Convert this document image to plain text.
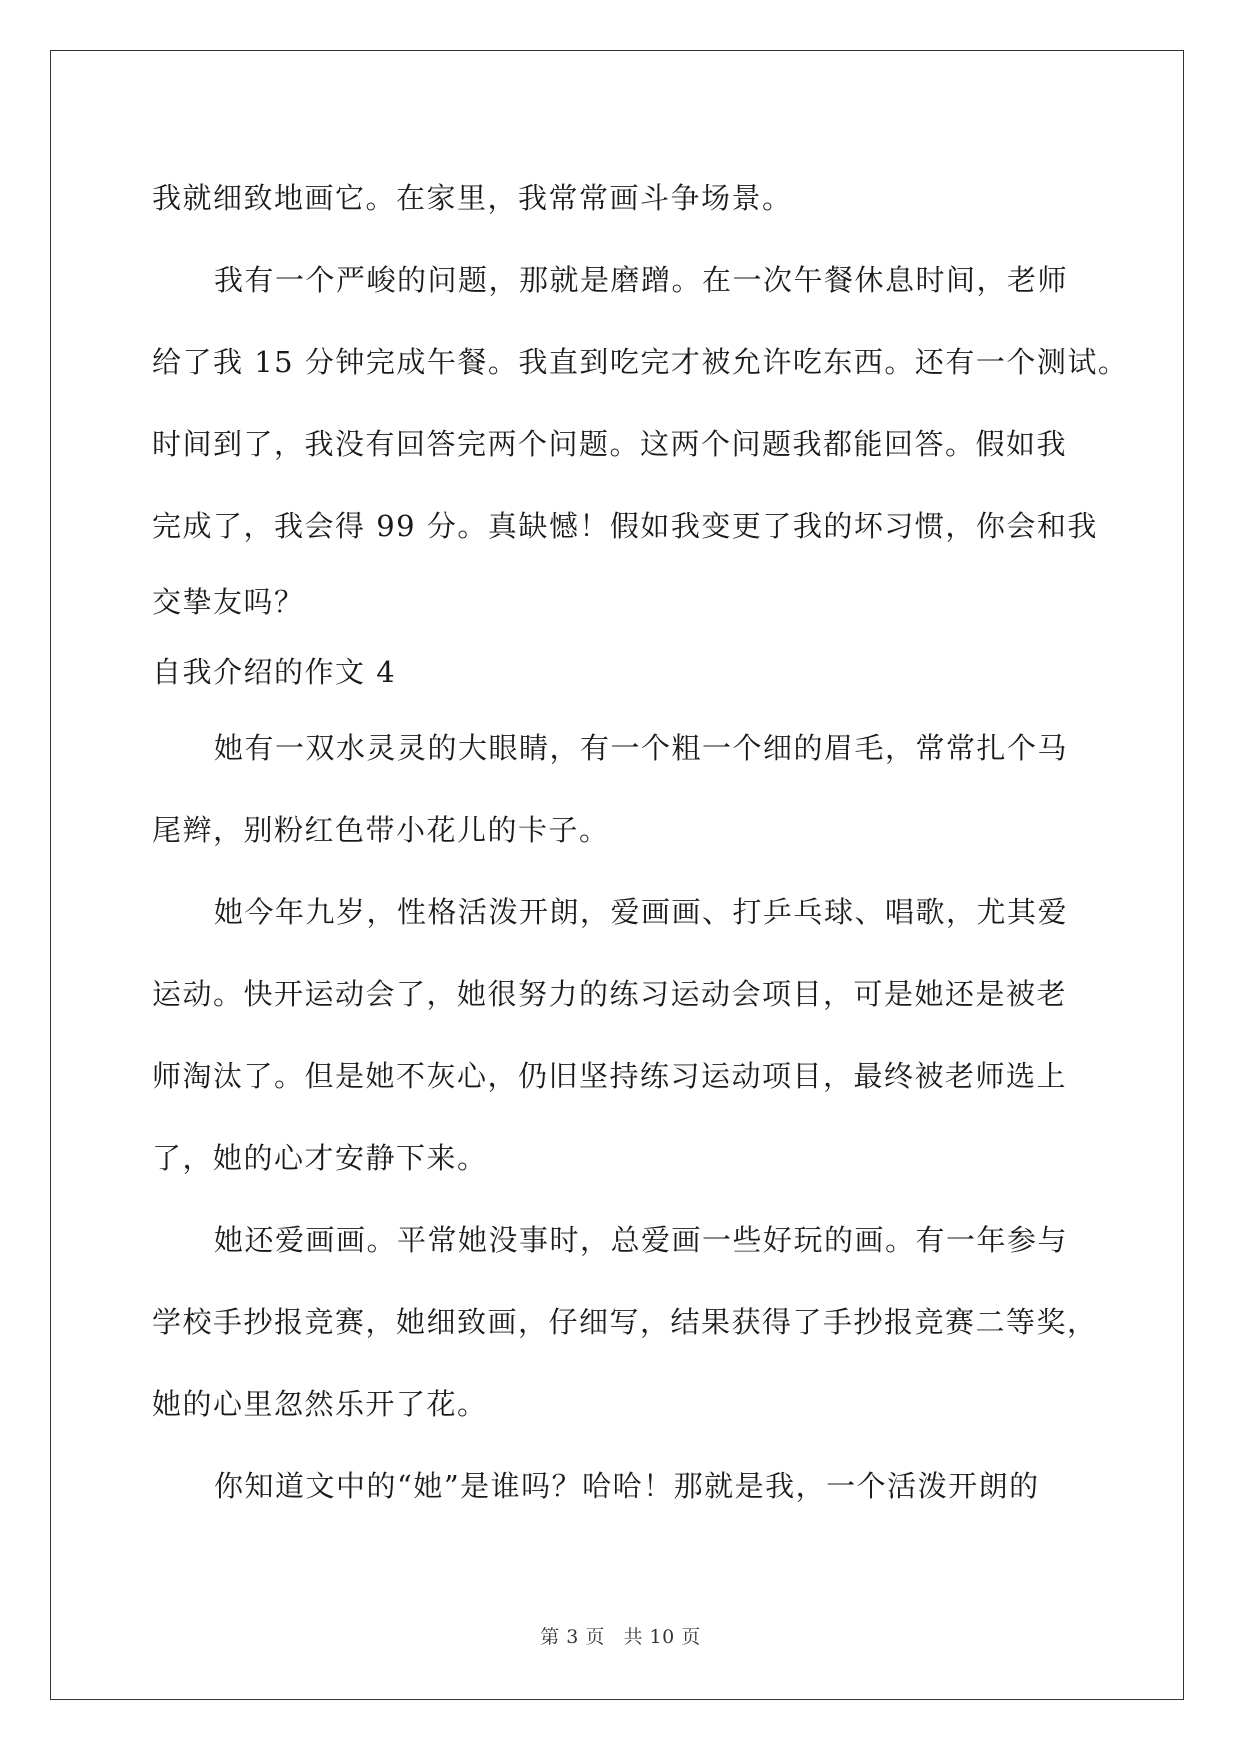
我就细致地画它。在家里，我常常画斗争场景。
我有一个严峻的问题，那就是磨蹭。在一次午餐休息时间，老师
给了我 15 分钟完成午餐。我直到吃完才被允许吃东西。还有一个测试。
时间到了，我没有回答完两个问题。这两个问题我都能回答。假如我
完成了，我会得 99 分。真缺憾！假如我变更了我的坏习惯，你会和我
交挚友吗？
自我介绍的作文 4
她有一双水灵灵的大眼睛，有一个粗一个细的眉毛，常常扎个马
尾辫，别粉红色带小花儿的卡子。
她今年九岁，性格活泼开朗，爱画画、打乒乓球、唱歌，尤其爱
运动。快开运动会了，她很努力的练习运动会项目，可是她还是被老
师淘汰了。但是她不灰心，仍旧坚持练习运动项目，最终被老师选上
了，她的心才安静下来。
她还爱画画。平常她没事时，总爱画一些好玩的画。有一年参与
学校手抄报竞赛，她细致画，仔细写，结果获得了手抄报竞赛二等奖，
她的心里忽然乐开了花。
你知道文中的“她”是谁吗？哈哈！那就是我，一个活泼开朗的
第 3 页 共 10 页
